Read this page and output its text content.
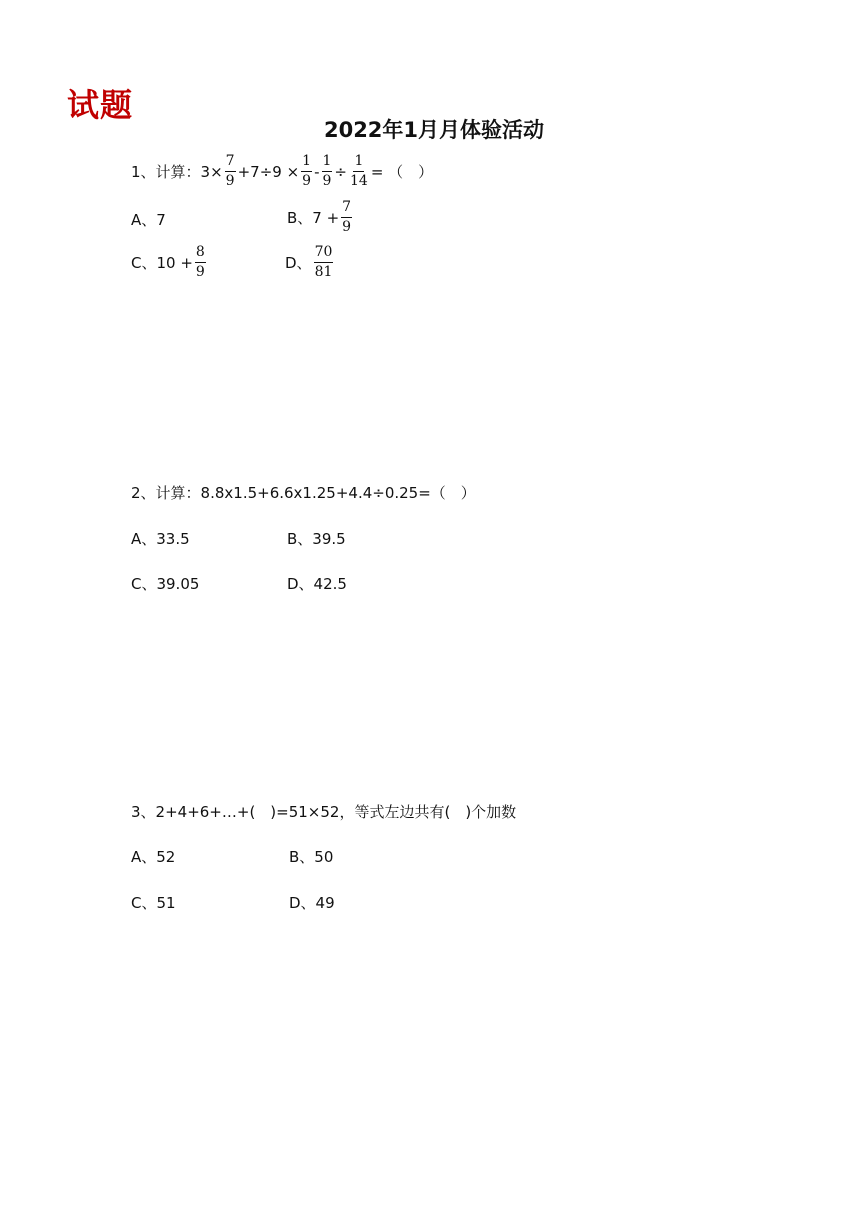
试题
2022年1月月体验活动
1、计算： $3\times \frac{7}{9} +7\div 9 \times \frac{1}{9} - \frac{1}{9} \div \frac{1}{14}$ = （　）
A、7	B、$7 + \frac{7}{9}$
C、$10 + \frac{8}{9}$	D、 $\frac{70}{81}$
2、计算：8.8x1.5+6.6x1.25+4.4÷0.25=（　）
A、33.5	B、39.5
C、39.05	D、42.5
3、2+4+6+…+(　)=51×52，等式左边共有(　)个加数
A、52	B、50
C、51	D、49
